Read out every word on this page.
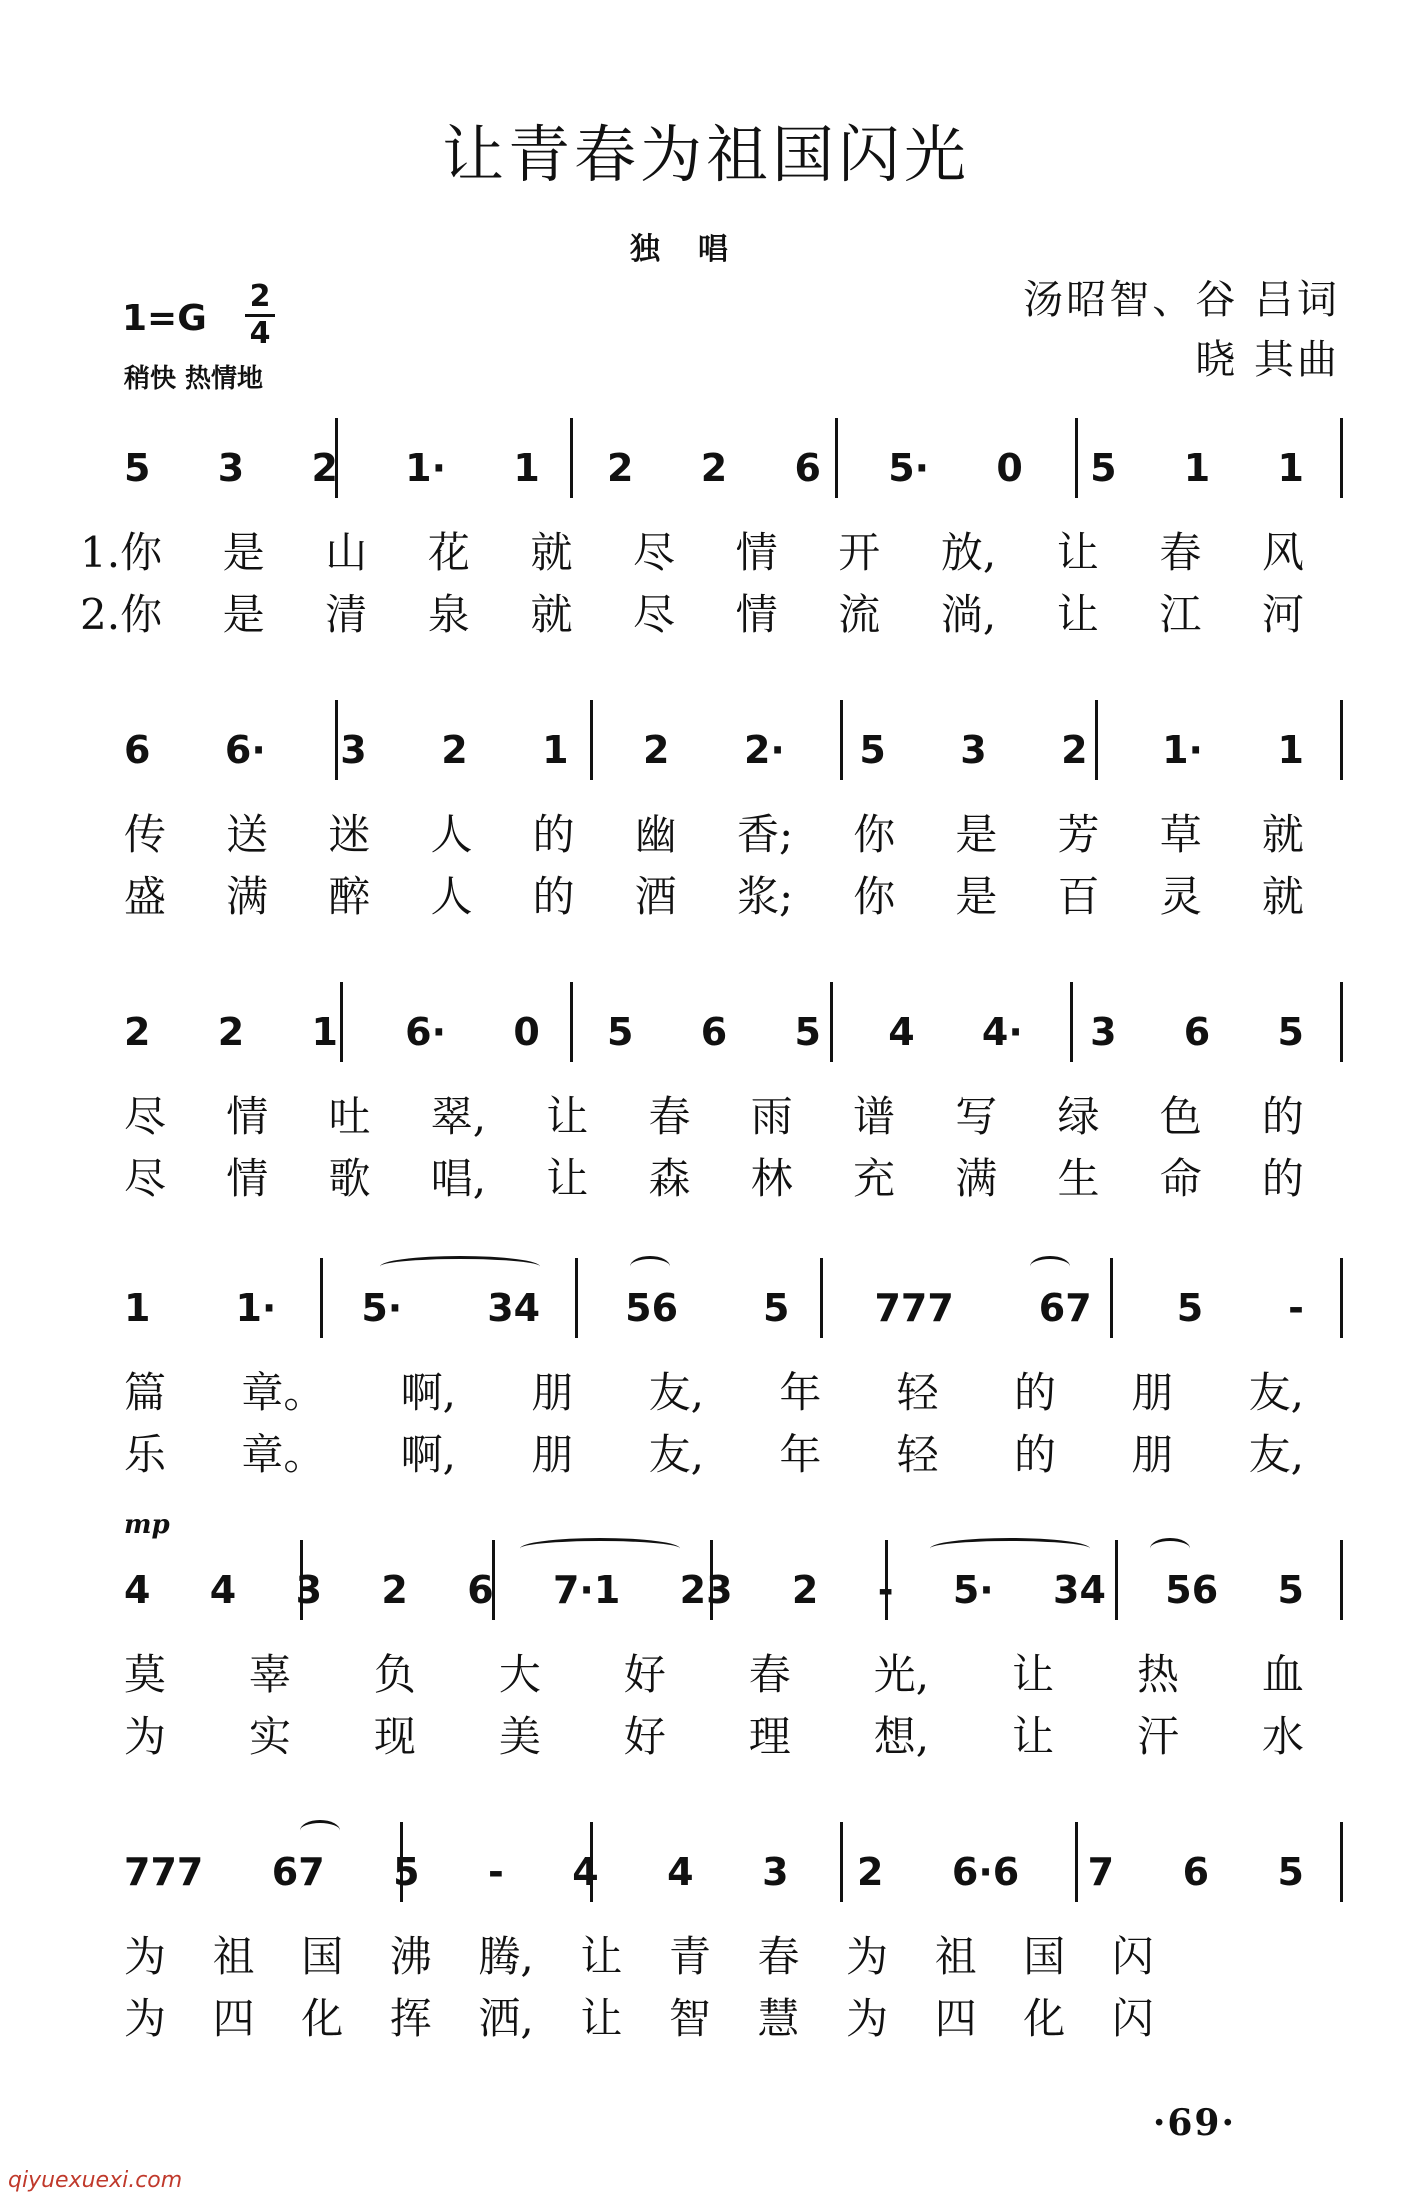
让青春为祖国闪光
独唱
汤昭智、谷 吕词
晓 其曲
1=G
2
4
稍快 热情地
5 3 2 1· 1 2 2 6 5· 0 5 1 1
1.你 是 山 花 就 尽 情 开 放, 让 春 风
2.你 是 清 泉 就 尽 情 流 淌, 让 江 河
6 6· 3 2 1 2 2· 5 3 2 1· 1
传 送 迷 人 的 幽 香; 你 是 芳 草 就
盛 满 醉 人 的 酒 浆; 你 是 百 灵 就
2 2 1 6· 0 5 6 5 4 4· 3 6 5
尽 情 吐 翠, 让 春 雨 谱 写 绿 色 的
尽 情 歌 唱, 让 森 林 充 满 生 命 的
1 1· 5· 34 56 5 777 67 5 -
篇 章。 啊, 朋 友, 年 轻 的 朋 友,
乐 章。 啊, 朋 友, 年 轻 的 朋 友,
mp
4 4 3 2 6 7·1 23 2 - 5· 34 56 5
莫 辜 负 大 好 春 光, 让 热 血
为 实 现 美 好 理 想, 让 汗 水
777 67 5 - 4 4 3 2 6·6 7 6 5
为 祖 国 沸 腾, 让 青 春 为 祖 国 闪
为 四 化 挥 洒, 让 智 慧 为 四 化 闪
·69·
qiyuexuexi.com
